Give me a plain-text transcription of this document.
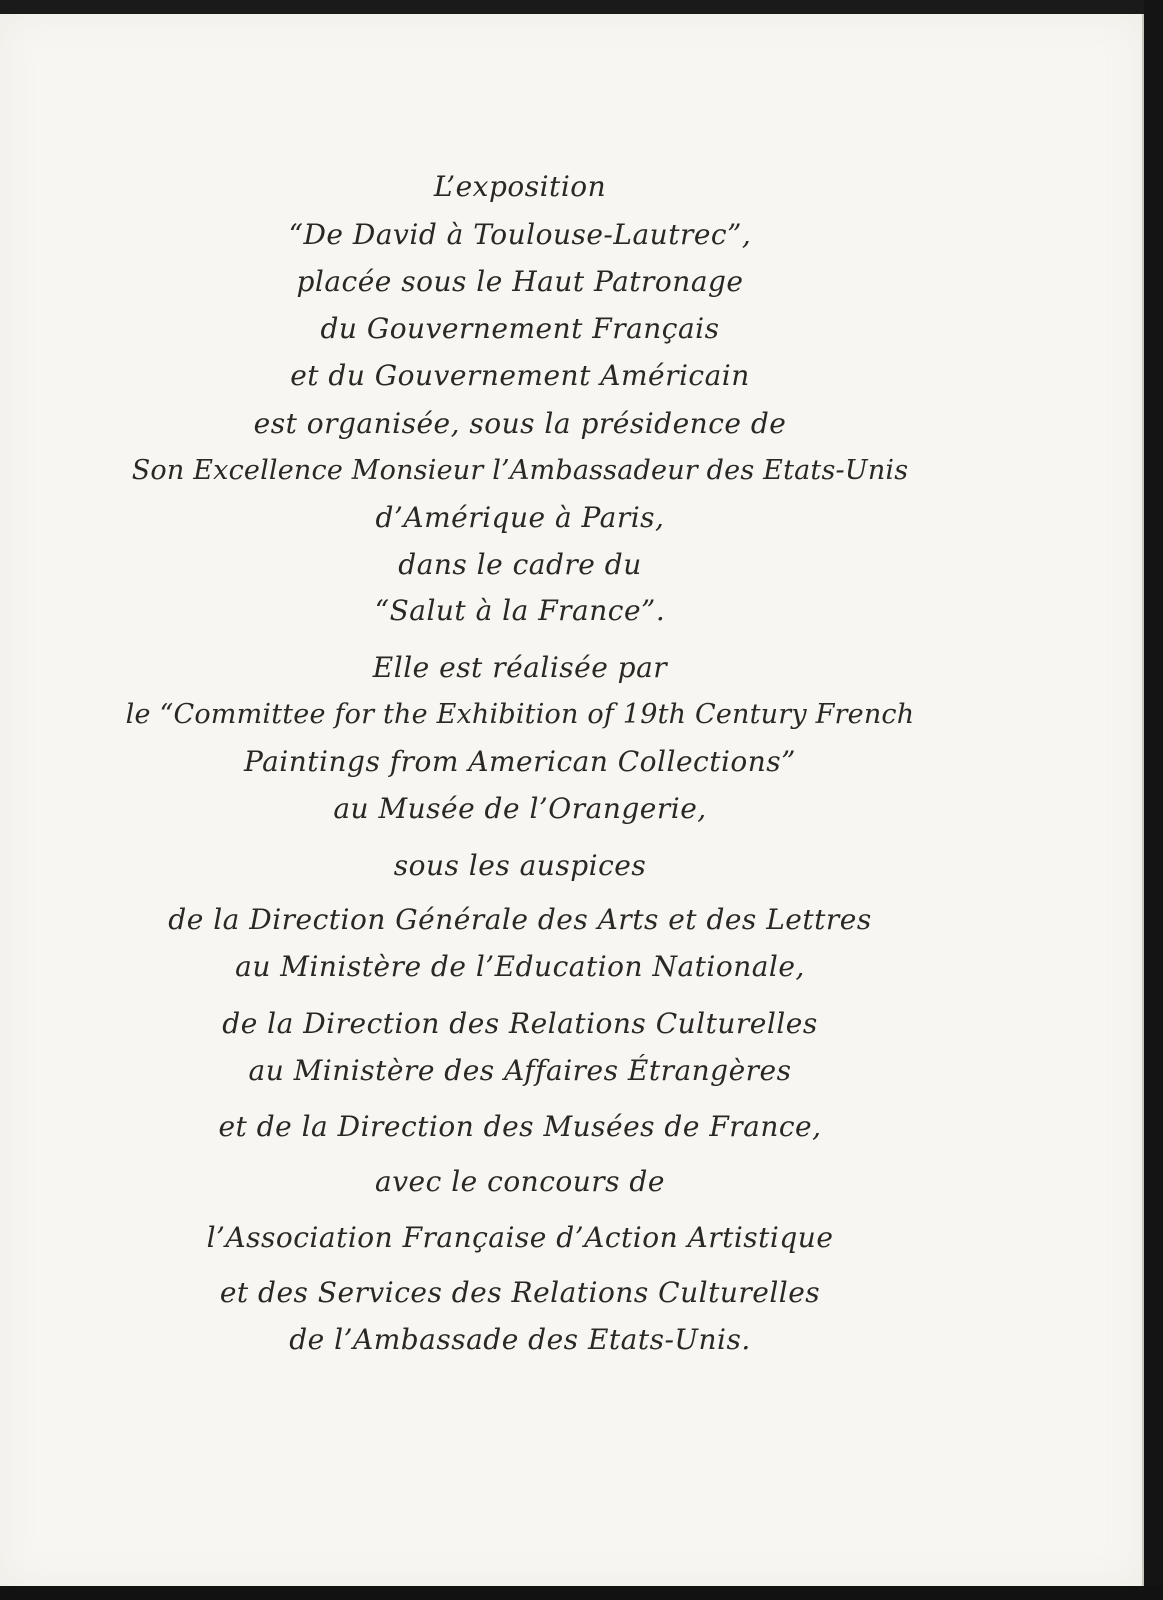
L’exposition
“De David à Toulouse-Lautrec”,
placée sous le Haut Patronage
du Gouvernement Français
et du Gouvernement Américain
est organisée, sous la présidence de
Son Excellence Monsieur l’Ambassadeur des Etats-Unis
d’Amérique à Paris,
dans le cadre du
“Salut à la France”.
Elle est réalisée par
le “Committee for the Exhibition of 19th Century French
Paintings from American Collections”
au Musée de l’Orangerie,
sous les auspices
de la Direction Générale des Arts et des Lettres
au Ministère de l’Education Nationale,
de la Direction des Relations Culturelles
au Ministère des Affaires Étrangères
et de la Direction des Musées de France,
avec le concours de
l’Association Française d’Action Artistique
et des Services des Relations Culturelles
de l’Ambassade des Etats-Unis.
